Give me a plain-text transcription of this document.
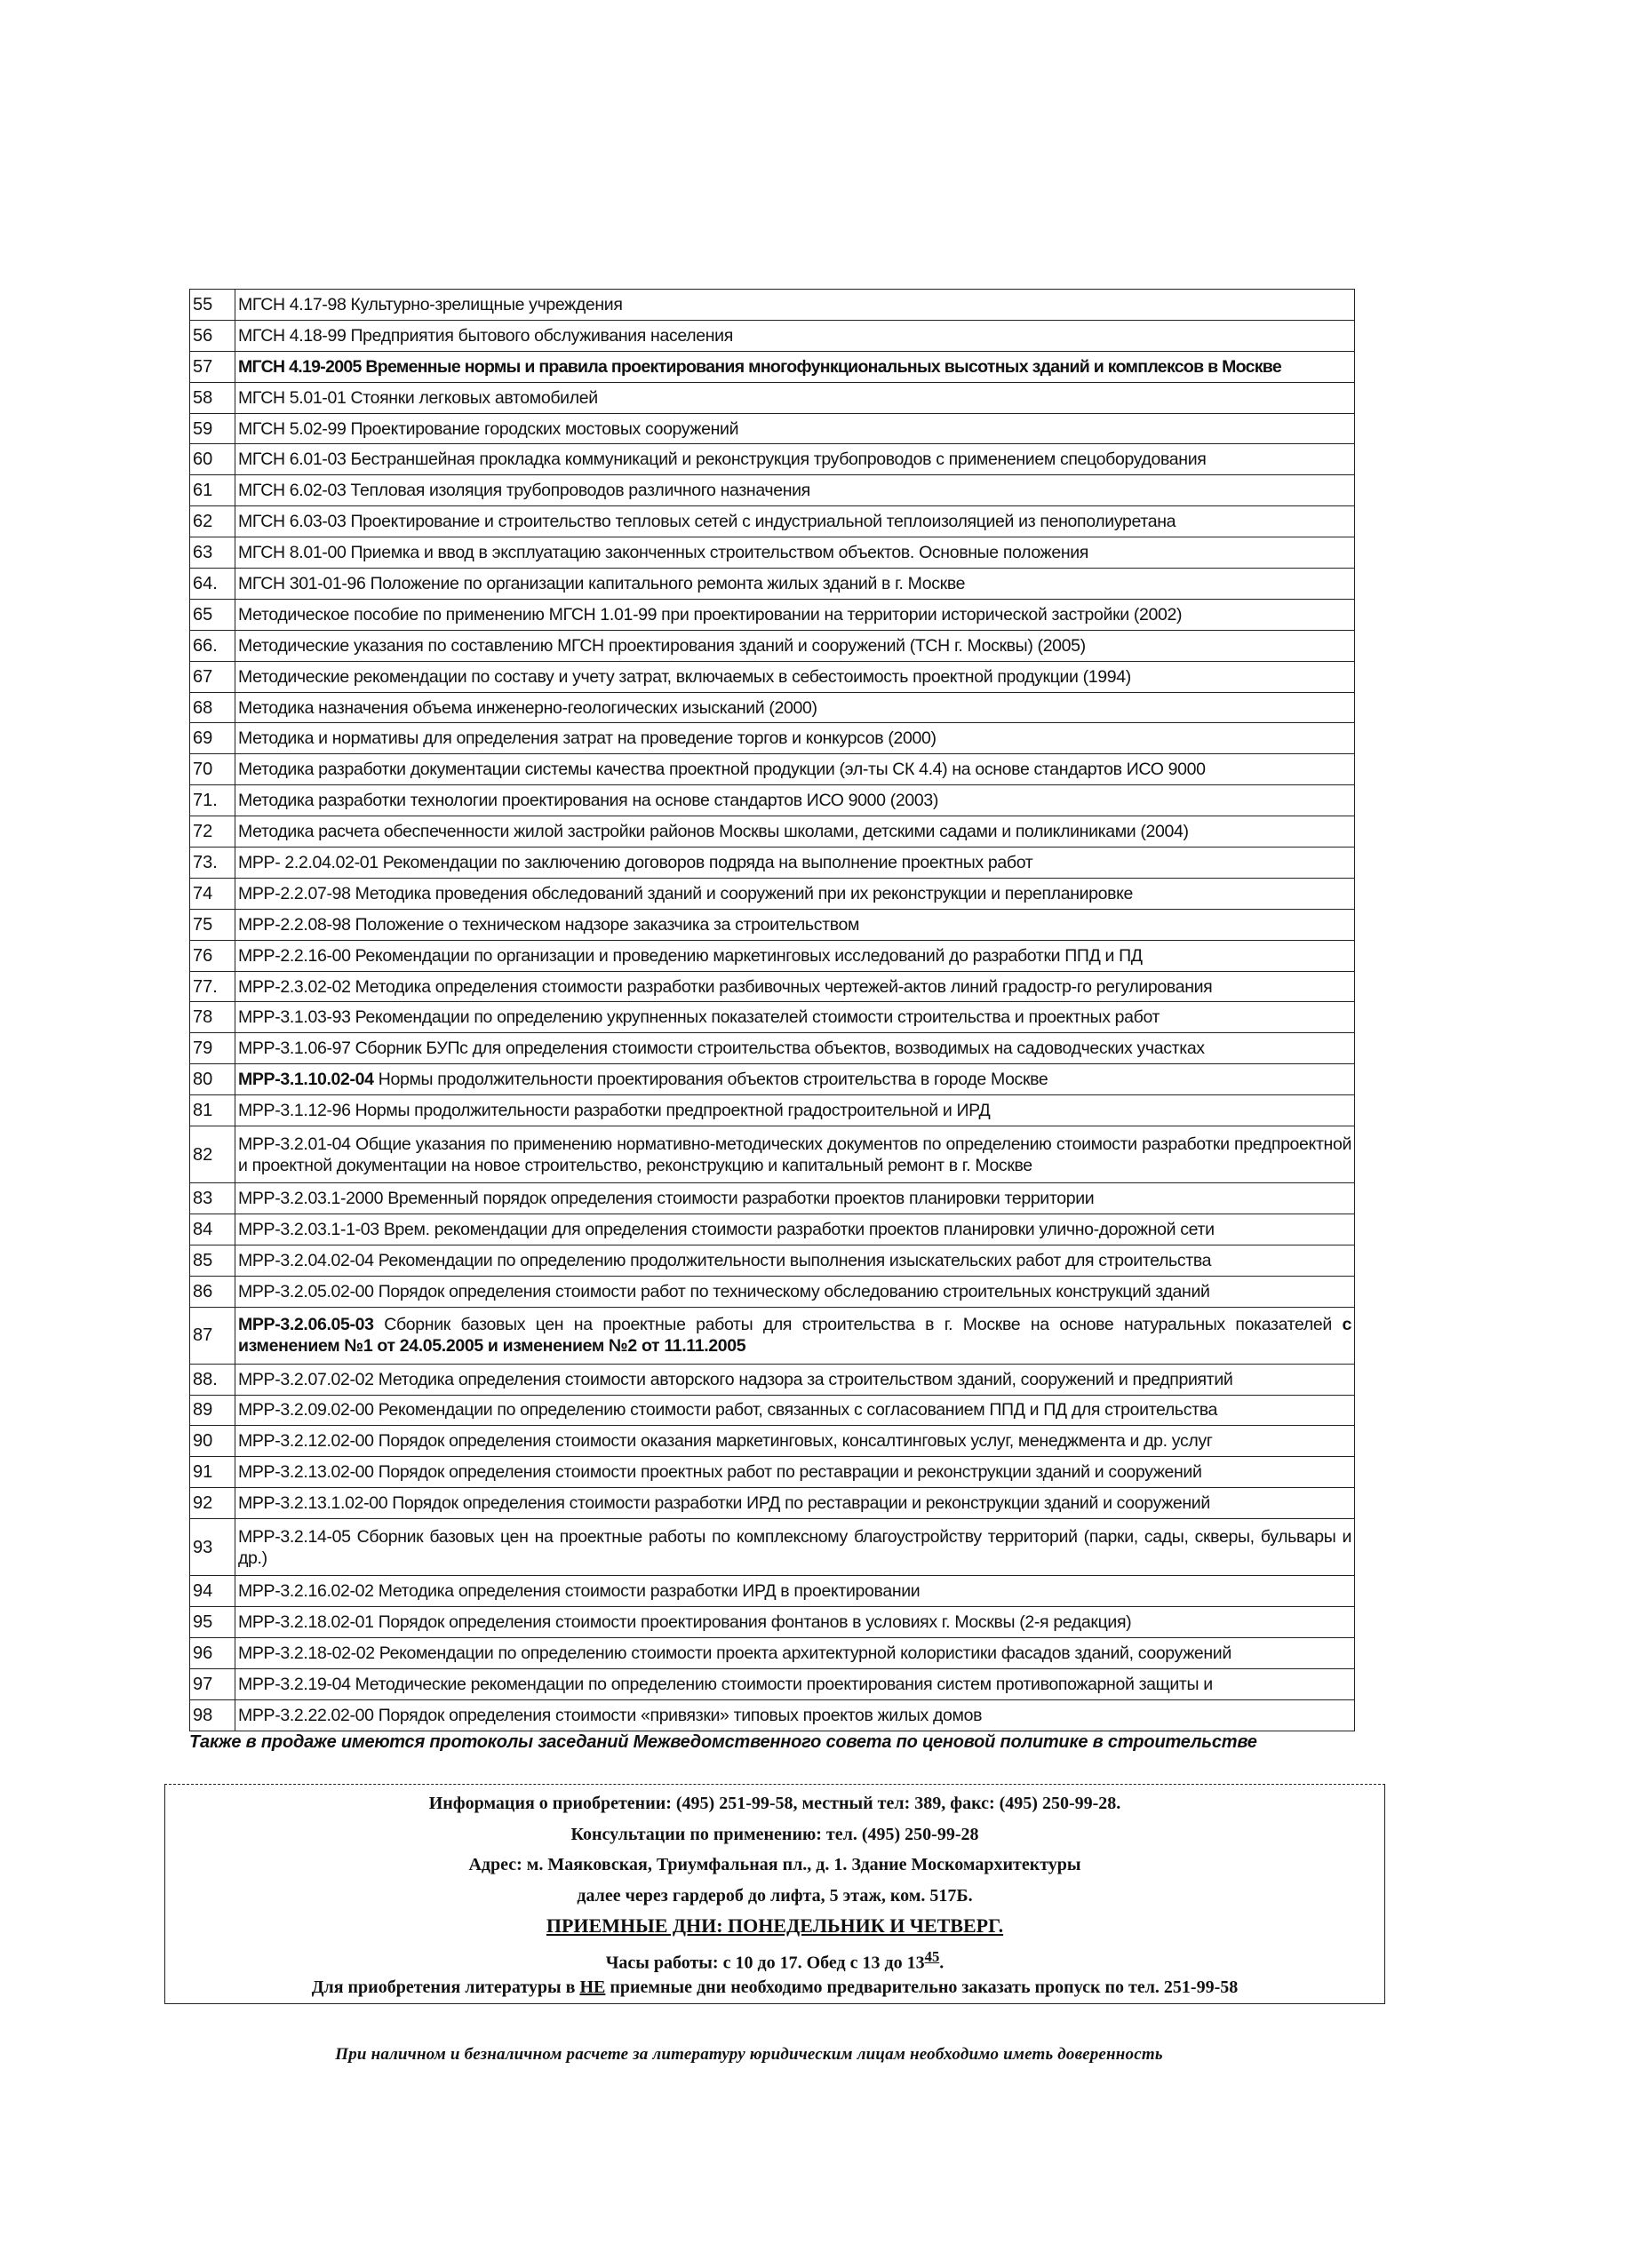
55	МГСН 4.17-98 Культурно-зрелищные учреждения
56	МГСН 4.18-99 Предприятия бытового обслуживания населения
57	МГСН 4.19-2005 Временные нормы и правила проектирования многофункциональных высотных зданий и комплексов в Москве
58	МГСН 5.01-01 Стоянки легковых автомобилей
59	МГСН 5.02-99 Проектирование городских мостовых сооружений
60	МГСН 6.01-03 Бестраншейная прокладка коммуникаций и реконструкция трубопроводов с применением спецоборудования
61	МГСН 6.02-03 Тепловая изоляция трубопроводов различного назначения
62	МГСН 6.03-03 Проектирование и строительство тепловых сетей с индустриальной теплоизоляцией из пенополиуретана
63	МГСН 8.01-00 Приемка и ввод в эксплуатацию законченных строительством объектов. Основные положения
64.	МГСН 301-01-96 Положение по организации капитального ремонта жилых зданий в г. Москве
65	Методическое пособие по применению МГСН 1.01-99 при проектировании на территории исторической застройки (2002)
66.	Методические указания по составлению МГСН проектирования зданий и сооружений (ТСН г. Москвы) (2005)
67	Методические рекомендации по составу и учету затрат, включаемых в себестоимость проектной продукции (1994)
68	Методика назначения объема инженерно-геологических изысканий (2000)
69	Методика и нормативы для определения затрат на проведение торгов и конкурсов (2000)
70	Методика разработки документации системы качества проектной продукции (эл-ты СК 4.4) на основе стандартов ИСО 9000
71.	Методика разработки технологии проектирования на основе стандартов ИСО 9000 (2003)
72	Методика расчета обеспеченности жилой застройки районов Москвы школами, детскими садами и поликлиниками (2004)
73.	МРР- 2.2.04.02-01 Рекомендации по заключению договоров подряда на выполнение проектных работ
74	МРР-2.2.07-98 Методика проведения обследований зданий и сооружений при их реконструкции и перепланировке
75	МРР-2.2.08-98 Положение о техническом надзоре заказчика за строительством
76	МРР-2.2.16-00 Рекомендации по организации и проведению маркетинговых исследований до разработки ППД и ПД
77.	МРР-2.3.02-02 Методика определения стоимости разработки разбивочных чертежей-актов линий градостр-го регулирования
78	МРР-3.1.03-93 Рекомендации по определению укрупненных показателей стоимости строительства и проектных работ
79	МРР-3.1.06-97 Сборник БУПс для определения стоимости строительства объектов, возводимых на садоводческих участках
80	МРР-3.1.10.02-04 Нормы продолжительности проектирования объектов строительства в городе Москве
81	МРР-3.1.12-96 Нормы продолжительности разработки предпроектной градостроительной и ИРД
82	МРР-3.2.01-04 Общие указания по применению нормативно-методических документов по определению стоимости разработки предпроектной и проектной документации на новое строительство, реконструкцию и капитальный ремонт в г. Москве
83	МРР-3.2.03.1-2000 Временный порядок определения стоимости разработки проектов планировки территории
84	МРР-3.2.03.1-1-03 Врем. рекомендации для определения стоимости разработки проектов планировки улично-дорожной сети
85	МРР-3.2.04.02-04 Рекомендации по определению продолжительности выполнения изыскательских работ для строительства
86	МРР-3.2.05.02-00 Порядок определения стоимости работ по техническому обследованию строительных конструкций зданий
87	МРР-3.2.06.05-03 Сборник базовых цен на проектные работы для строительства в г. Москве на основе натуральных показателей с изменением №1 от 24.05.2005 и изменением №2 от 11.11.2005
88.	МРР-3.2.07.02-02 Методика определения стоимости авторского надзора за строительством зданий, сооружений и предприятий
89	МРР-3.2.09.02-00 Рекомендации по определению стоимости работ, связанных с согласованием ППД и ПД для строительства
90	МРР-3.2.12.02-00 Порядок определения стоимости оказания маркетинговых, консалтинговых услуг, менеджмента и др. услуг
91	МРР-3.2.13.02-00 Порядок определения стоимости проектных работ по реставрации и реконструкции зданий и сооружений
92	МРР-3.2.13.1.02-00 Порядок определения стоимости разработки ИРД по реставрации и реконструкции зданий и сооружений
93	МРР-3.2.14-05 Сборник базовых цен на проектные работы по комплексному благоустройству территорий (парки, сады, скверы, бульвары и др.)
94	МРР-3.2.16.02-02 Методика определения стоимости разработки ИРД в проектировании
95	МРР-3.2.18.02-01 Порядок определения стоимости проектирования фонтанов в условиях г. Москвы (2-я редакция)
96	МРР-3.2.18-02-02 Рекомендации по определению стоимости проекта архитектурной колористики фасадов зданий, сооружений
97	МРР-3.2.19-04 Методические рекомендации по определению стоимости проектирования систем противопожарной защиты и
98	МРР-3.2.22.02-00 Порядок определения стоимости «привязки» типовых проектов жилых домов
Также в продаже имеются протоколы заседаний Межведомственного совета по ценовой политике в строительстве
Информация о приобретении: (495) 251-99-58, местный тел: 389, факс: (495) 250-99-28.
Консультации по применению: тел. (495) 250-99-28
Адрес: м. Маяковская, Триумфальная пл., д. 1. Здание Москомархитектуры
далее через гардероб до лифта, 5 этаж, ком. 517Б.
ПРИЕМНЫЕ ДНИ: ПОНЕДЕЛЬНИК И ЧЕТВЕРГ.
Часы работы: с 10 до 17. Обед с 13 до $13^{45}$.
Для приобретения литературы в НЕ приемные дни необходимо предварительно заказать пропуск по тел. 251-99-58
При наличном и безналичном расчете за литературу юридическим лицам необходимо иметь доверенность
